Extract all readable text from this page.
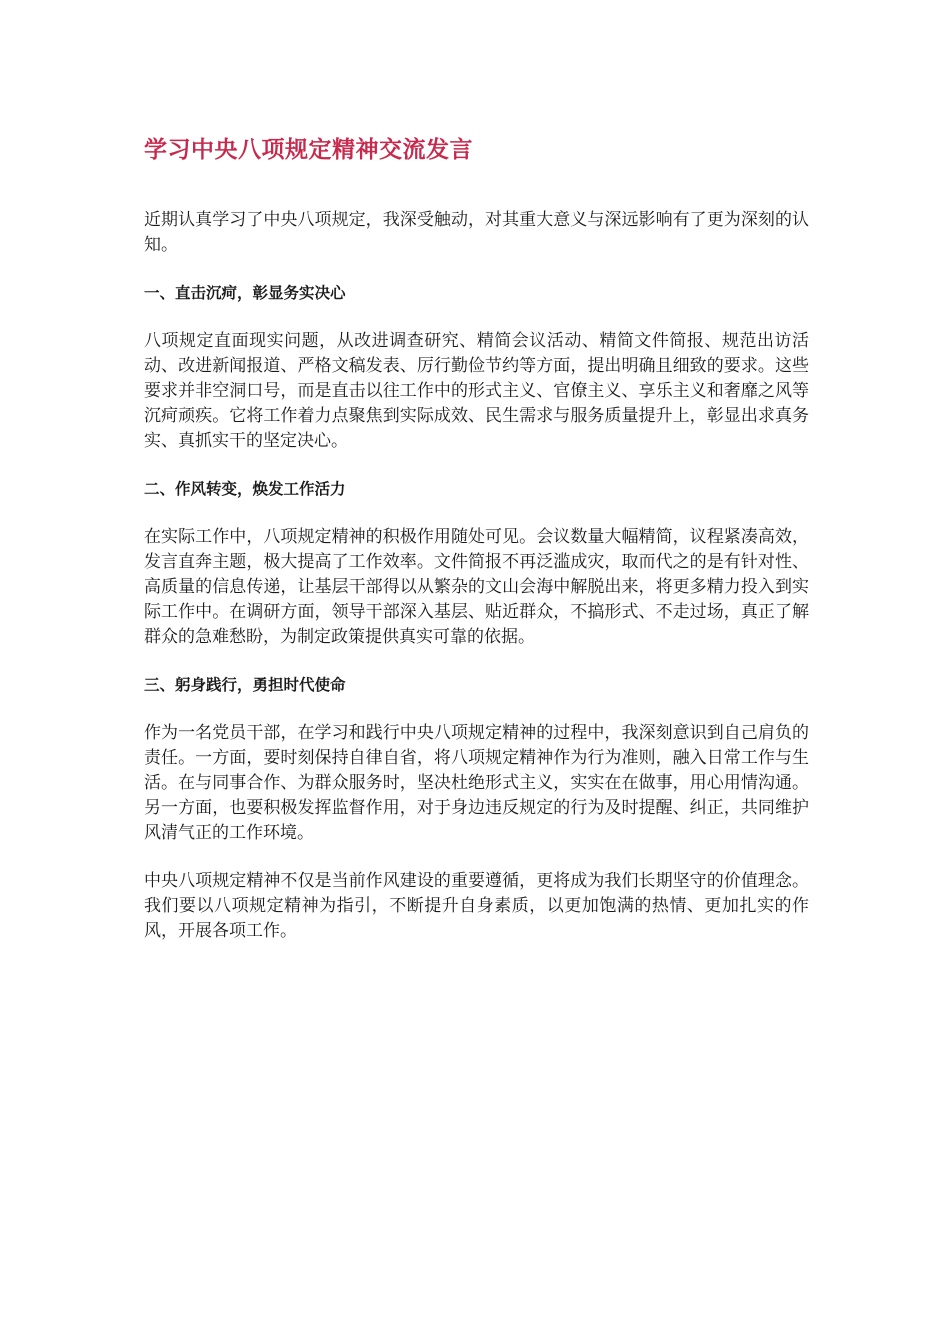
学习中央八项规定精神交流发言

近期认真学习了中央八项规定，我深受触动，对其重大意义与深远影响有了更为深刻的认知。

一、直击沉疴，彰显务实决心

八项规定直面现实问题，从改进调查研究、精简会议活动、精简文件简报、规范出访活动、改进新闻报道、严格文稿发表、厉行勤俭节约等方面，提出明确且细致的要求。这些要求并非空洞口号，而是直击以往工作中的形式主义、官僚主义、享乐主义和奢靡之风等沉疴顽疾。它将工作着力点聚焦到实际成效、民生需求与服务质量提升上，彰显出求真务实、真抓实干的坚定决心。

二、作风转变，焕发工作活力

在实际工作中，八项规定精神的积极作用随处可见。会议数量大幅精简，议程紧凑高效，发言直奔主题，极大提高了工作效率。文件简报不再泛滥成灾，取而代之的是有针对性、高质量的信息传递，让基层干部得以从繁杂的文山会海中解脱出来，将更多精力投入到实际工作中。在调研方面，领导干部深入基层、贴近群众，不搞形式、不走过场，真正了解群众的急难愁盼，为制定政策提供真实可靠的依据。

三、躬身践行，勇担时代使命

作为一名党员干部，在学习和践行中央八项规定精神的过程中，我深刻意识到自己肩负的责任。一方面，要时刻保持自律自省，将八项规定精神作为行为准则，融入日常工作与生活。在与同事合作、为群众服务时，坚决杜绝形式主义，实实在在做事，用心用情沟通。另一方面，也要积极发挥监督作用，对于身边违反规定的行为及时提醒、纠正，共同维护风清气正的工作环境。

中央八项规定精神不仅是当前作风建设的重要遵循，更将成为我们长期坚守的价值理念。我们要以八项规定精神为指引，不断提升自身素质，以更加饱满的热情、更加扎实的作风，开展各项工作。
